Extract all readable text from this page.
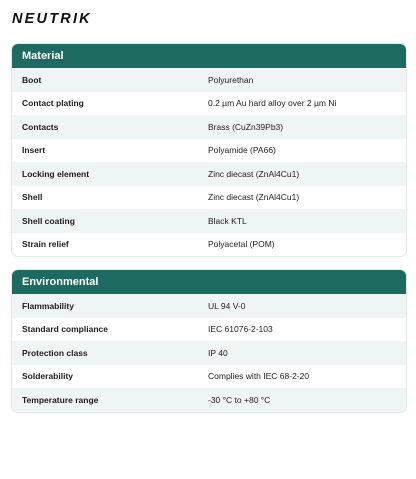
NEUTRIK
Material
Boot	Polyurethan
Contact plating	0.2 µm Au hard alloy over 2 µm Ni
Contacts	Brass (CuZn39Pb3)
Insert	Polyamide (PA66)
Locking element	Zinc diecast (ZnAl4Cu1)
Shell	Zinc diecast (ZnAl4Cu1)
Shell coating	Black KTL
Strain relief	Polyacetal (POM)
Environmental
Flammability	UL 94 V-0
Standard compliance	IEC 61076-2-103
Protection class	IP 40
Solderability	Complies with IEC 68-2-20
Temperature range	-30 °C to +80 °C
